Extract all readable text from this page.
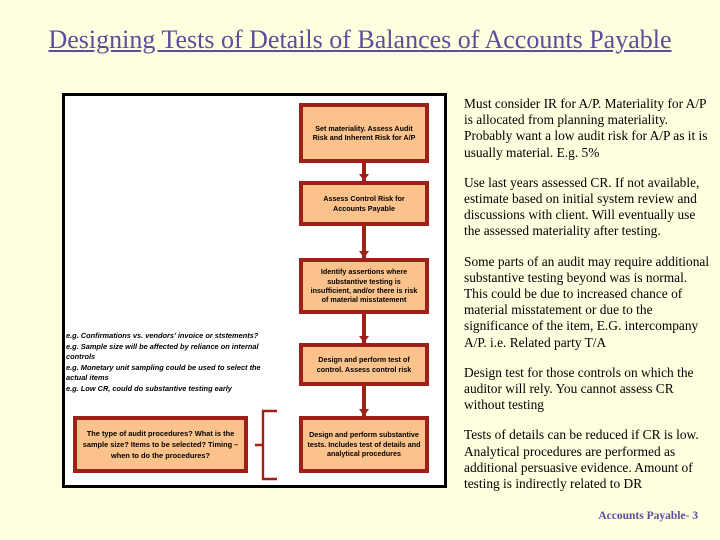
Designing Tests of Details of Balances of Accounts Payable
Set materiality. Assess Audit Risk and Inherent Risk for A/P
Assess Control Risk for Accounts Payable
Identify assertions where substantive testing is insufficient, and/or there is risk of material misstatement
Design and perform test of control. Assess control risk
Design and perform substantive tests. Includes test of details and analytical procedures
The type of audit procedures? What is the sample size? Items to be selected? Timing – when to do the procedures?

e.g. Confirmations vs. vendors' invoice or ststements?

e.g. Sample size will be affected by reliance on internal controls

e.g. Monetary unit sampling could be used to select the actual items

e.g. Low CR, could do substantive testing early

Must consider IR for A/P. Materiality for A/P is allocated from planning materiality. Probably want a low audit risk for A/P as it is usually material. E.g. 5%

Use last years assessed CR. If not available, estimate based on initial system review and discussions with client. Will eventually use the assessed materiality after testing.

Some parts of an audit may require additional substantive testing beyond was is normal. This could be due to increased chance of material misstatement or due to the significance of the item, E.G. intercompany A/P. i.e. Related party T/A

Design test for those controls on which the auditor will rely. You cannot assess CR without testing

Tests of details can be reduced if CR is low. Analytical procedures are performed as additional persuasive evidence. Amount of testing is indirectly related to DR

Accounts Payable- 3
